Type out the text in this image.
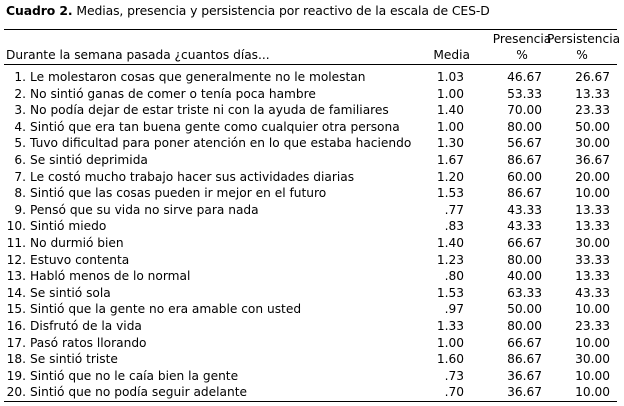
Cuadro 2. Medias, presencia y persistencia por reactivo de la escala de CES-D
Presencia
Persistencia
Durante la semana pasada ¿cuantos días...	Media	%	%
1. Le molestaron cosas que generalmente no le molestan	1.03	46.67	26.67
2. No sintió ganas de comer o tenía poca hambre	1.00	53.33	13.33
3. No podía dejar de estar triste ni con la ayuda de familiares	1.40	70.00	23.33
4. Sintió que era tan buena gente como cualquier otra persona	1.00	80.00	50.00
5. Tuvo dificultad para poner atención en lo que estaba haciendo	1.30	56.67	30.00
6. Se sintió deprimida	1.67	86.67	36.67
7. Le costó mucho trabajo hacer sus actividades diarias	1.20	60.00	20.00
8. Sintió que las cosas pueden ir mejor en el futuro	1.53	86.67	10.00
9. Pensó que su vida no sirve para nada	.77	43.33	13.33
10. Sintió miedo	.83	43.33	13.33
11. No durmió bien	1.40	66.67	30.00
12. Estuvo contenta	1.23	80.00	33.33
13. Habló menos de lo normal	.80	40.00	13.33
14. Se sintió sola	1.53	63.33	43.33
15. Sintió que la gente no era amable con usted	.97	50.00	10.00
16. Disfrutó de la vida	1.33	80.00	23.33
17. Pasó ratos llorando	1.00	66.67	10.00
18. Se sintió triste	1.60	86.67	30.00
19. Sintió que no le caía bien la gente	.73	36.67	10.00
20. Sintió que no podía seguir adelante	.70	36.67	10.00
